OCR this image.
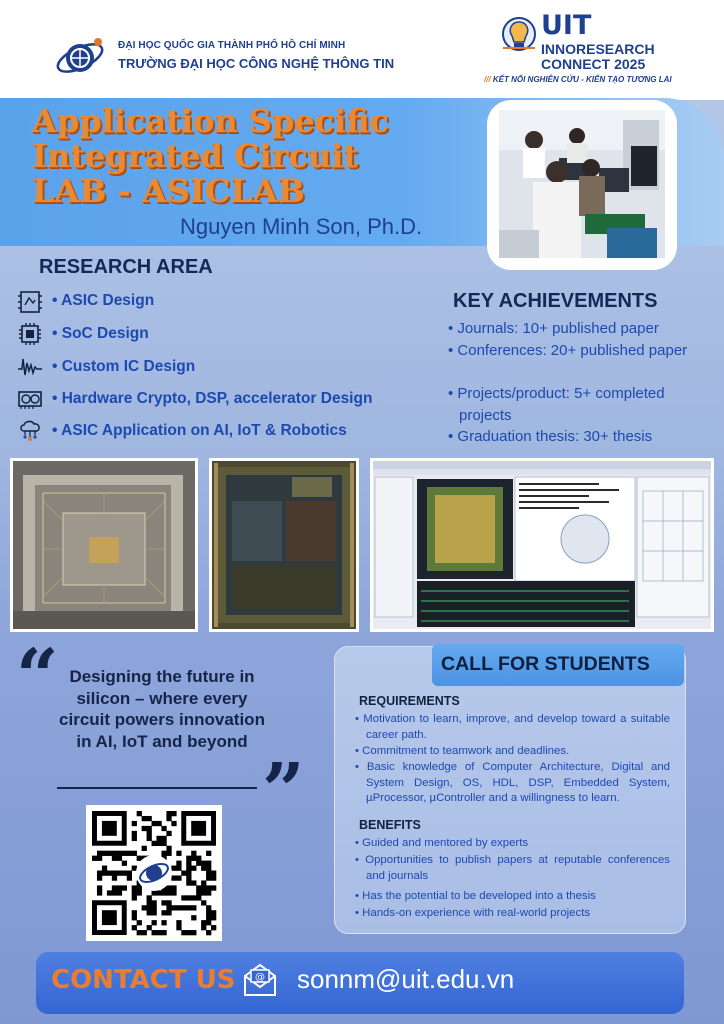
ĐẠI HỌC QUỐC GIA THÀNH PHỐ HỒ CHÍ MINH
TRƯỜNG ĐẠI HỌC CÔNG NGHỆ THÔNG TIN
UIT
INNORESEARCH
CONNECT 2025
/// KẾT NỐI NGHIÊN CỨU - KIẾN TẠO TƯƠNG LAI
Application Specific
Integrated Circuit
LAB - ASICLAB
Nguyen Minh Son, Ph.D.
RESEARCH AREA
• ASIC Design
• SoC Design
• Custom IC Design
• Hardware Crypto, DSP, accelerator Design
• ASIC Application on AI, IoT & Robotics
KEY ACHIEVEMENTS
• Journals: 10+ published paper
• Conferences: 20+ published paper
• Projects/product: 5+ completed projects
• Graduation thesis: 30+ thesis
“ Designing the future in silicon – where every circuit powers innovation in AI, IoT and beyond
”
CALL FOR STUDENTS
REQUIREMENTS
• Motivation to learn, improve, and develop toward a suitable career path.
• Commitment to teamwork and deadlines.
• Basic knowledge of Computer Architecture, Digital and System Design, OS, HDL, DSP, Embedded System, µProcessor, µController and a willingness to learn.
BENEFITS
• Guided and mentored by experts
• Opportunities to publish papers at reputable conferences and journals
• Has the potential to be developed into a thesis
• Hands-on experience with real-world projects
CONTACT US @ sonnm@uit.edu.vn
